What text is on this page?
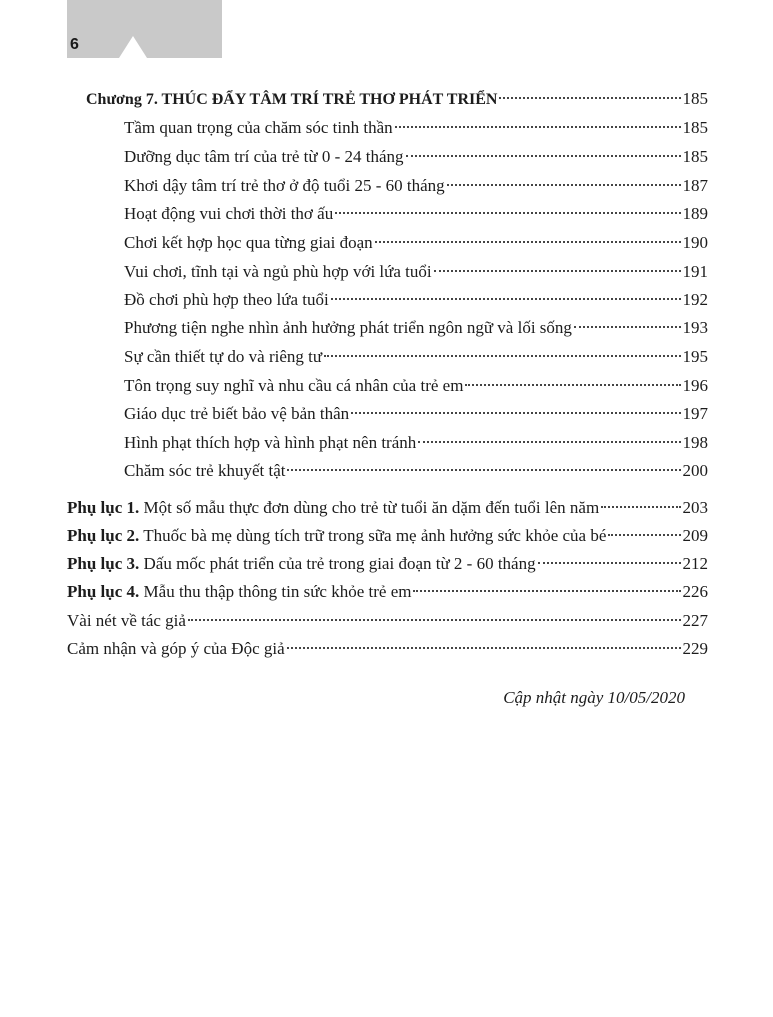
6
Chương 7. THÚC ĐẨY TÂM TRÍ TRẺ THƠ PHÁT TRIỂN	185
Tầm quan trọng của chăm sóc tinh thần	185
Dưỡng dục tâm trí của trẻ từ 0 - 24 tháng	185
Khơi dậy tâm trí trẻ thơ ở độ tuổi 25 - 60 tháng	187
Hoạt động vui chơi thời thơ ấu	189
Chơi kết hợp học qua từng giai đoạn	190
Vui chơi, tĩnh tại và ngủ phù hợp với lứa tuổi	191
Đồ chơi phù hợp theo lứa tuổi	192
Phương tiện nghe nhìn ảnh hưởng phát triển ngôn ngữ và lối sống	193
Sự cần thiết tự do và riêng tư	195
Tôn trọng suy nghĩ và nhu cầu cá nhân của trẻ em	196
Giáo dục trẻ biết bảo vệ bản thân	197
Hình phạt thích hợp và hình phạt nên tránh	198
Chăm sóc trẻ khuyết tật	200
Phụ lục 1. Một số mẫu thực đơn dùng cho trẻ từ tuổi ăn dặm đến tuổi lên năm	203
Phụ lục 2. Thuốc bà mẹ dùng tích trữ trong sữa mẹ ảnh hưởng sức khỏe của bé	209
Phụ lục 3. Dấu mốc phát triển của trẻ trong giai đoạn từ 2 - 60 tháng	212
Phụ lục 4. Mẫu thu thập thông tin sức khỏe trẻ em	226
Vài nét về tác giả	227
Cảm nhận và góp ý của Độc giả	229
Cập nhật ngày 10/05/2020
